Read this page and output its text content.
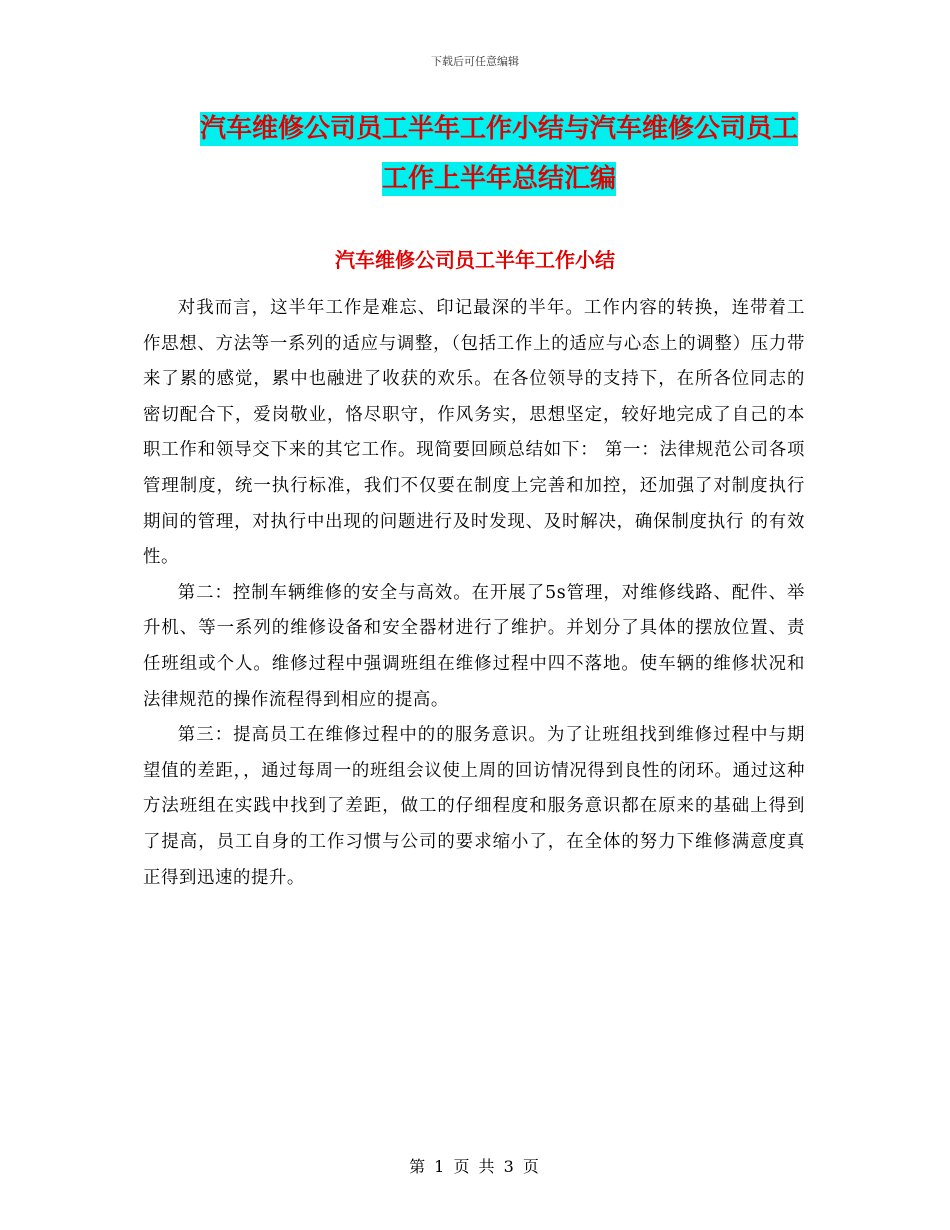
下载后可任意编辑
汽车维修公司员工半年工作小结与汽车维修公司员工
工作上半年总结汇编
汽车维修公司员工半年工作小结

对我而言，这半年工作是难忘、印记最深的半年。工作内容的转换，连带着工作思想、方法等一系列的适应与调整，（包括工作上的适应与心态上的调整）压力带来了累的感觉，累中也融进了收获的欢乐。在各位领导的支持下，在所各位同志的密切配合下，爱岗敬业，恪尽职守，作风务实，思想坚定，较好地完成了自己的本职工作和领导交下来的其它工作。现简要回顾总结如下： 第一：法律规范公司各项管理制度，统一执行标准，我们不仅要在制度上完善和加控，还加强了对制度执行期间的管理，对执行中出现的问题进行及时发现、及时解决，确保制度执行 的有效性。

第二：控制车辆维修的安全与高效。在开展了5s管理，对维修线路、配件、举升机、等一系列的维修设备和安全器材进行了维护。并划分了具体的摆放位置、责任班组或个人。维修过程中强调班组在维修过程中四不落地。使车辆的维修状况和法律规范的操作流程得到相应的提高。

第三：提高员工在维修过程中的的服务意识。为了让班组找到维修过程中与期望值的差距，，通过每周一的班组会议使上周的回访情况得到良性的闭环。通过这种方法班组在实践中找到了差距，做工的仔细程度和服务意识都在原来的基础上得到了提高，员工自身的工作习惯与公司的要求缩小了，在全体的努力下维修满意度真正得到迅速的提升。

第 1 页 共 3 页
